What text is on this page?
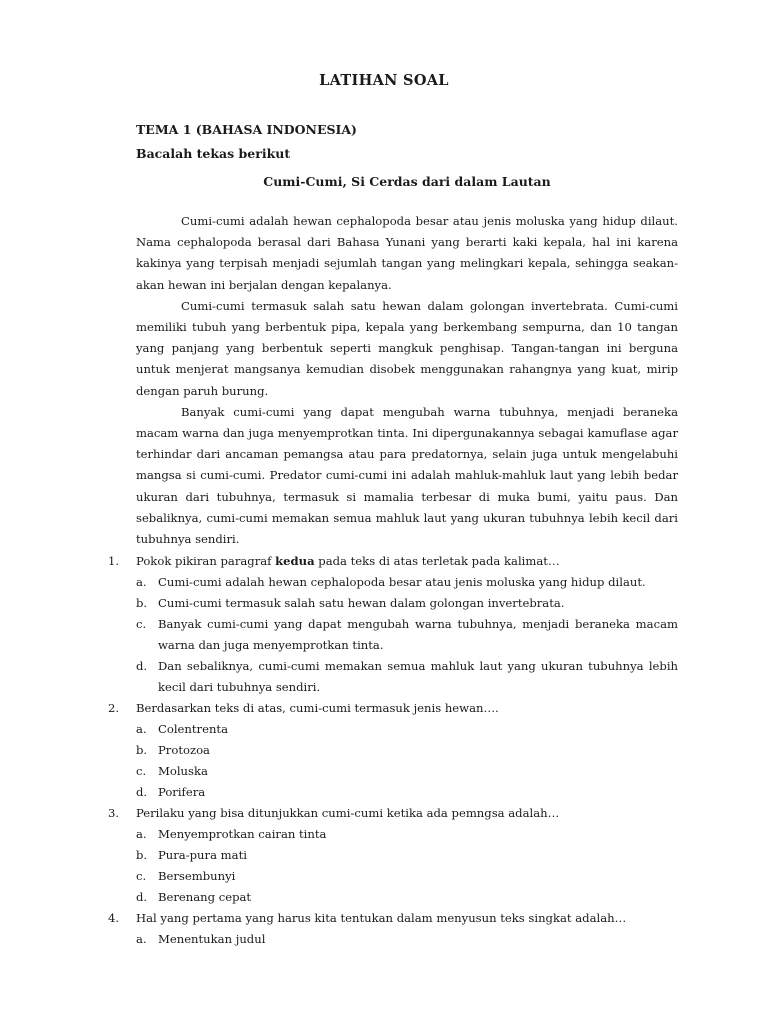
LATIHAN SOAL
TEMA 1 (BAHASA INDONESIA)
Bacalah tekas berikut
Cumi-Cumi, Si Cerdas dari dalam Lautan

Cumi-cumi adalah hewan cephalopoda besar atau jenis moluska yang hidup dilaut. Nama cephalopoda berasal dari Bahasa Yunani yang berarti kaki kepala, hal ini karena kakinya yang terpisah menjadi sejumlah tangan yang melingkari kepala, sehingga seakan-akan hewan ini berjalan dengan kepalanya.

Cumi-cumi termasuk salah satu hewan dalam golongan invertebrata. Cumi-cumi memiliki tubuh yang berbentuk pipa, kepala yang berkembang sempurna, dan 10 tangan yang panjang yang berbentuk seperti mangkuk penghisap. Tangan-tangan ini berguna untuk menjerat mangsanya kemudian disobek menggunakan rahangnya yang kuat, mirip dengan paruh burung.

Banyak cumi-cumi yang dapat mengubah warna tubuhnya, menjadi beraneka macam warna dan juga menyemprotkan tinta. Ini dipergunakannya sebagai kamuflase agar terhindar dari ancaman pemangsa atau para predatornya, selain juga untuk mengelabuhi mangsa si cumi-cumi. Predator cumi-cumi ini adalah mahluk-mahluk laut yang lebih bedar ukuran dari tubuhnya, termasuk si mamalia terbesar di muka bumi, yaitu paus. Dan sebaliknya, cumi-cumi memakan semua mahluk laut yang ukuran tubuhnya lebih kecil dari tubuhnya sendiri.

1.	Pokok pikiran paragraf kedua pada teks di atas terletak pada kalimat…
a. Cumi-cumi adalah hewan cephalopoda besar atau jenis moluska yang hidup dilaut.
b. Cumi-cumi termasuk salah satu hewan dalam golongan invertebrata.
c.	Banyak cumi-cumi yang dapat mengubah warna tubuhnya, menjadi beraneka macam warna dan juga menyemprotkan tinta.
d. Dan sebaliknya, cumi-cumi memakan semua mahluk laut yang ukuran tubuhnya lebih kecil dari tubuhnya sendiri.
2.	Berdasarkan teks di atas, cumi-cumi termasuk jenis hewan….
a. Colentrenta
b. Protozoa
c.	Moluska
d. Porifera
3.	Perilaku yang bisa ditunjukkan cumi-cumi ketika ada pemngsa adalah…
a. Menyemprotkan cairan tinta
b. Pura-pura mati
c.	Bersembunyi
d. Berenang cepat
4.	Hal yang pertama yang harus kita tentukan dalam menyusun teks singkat adalah…
a. Menentukan judul
